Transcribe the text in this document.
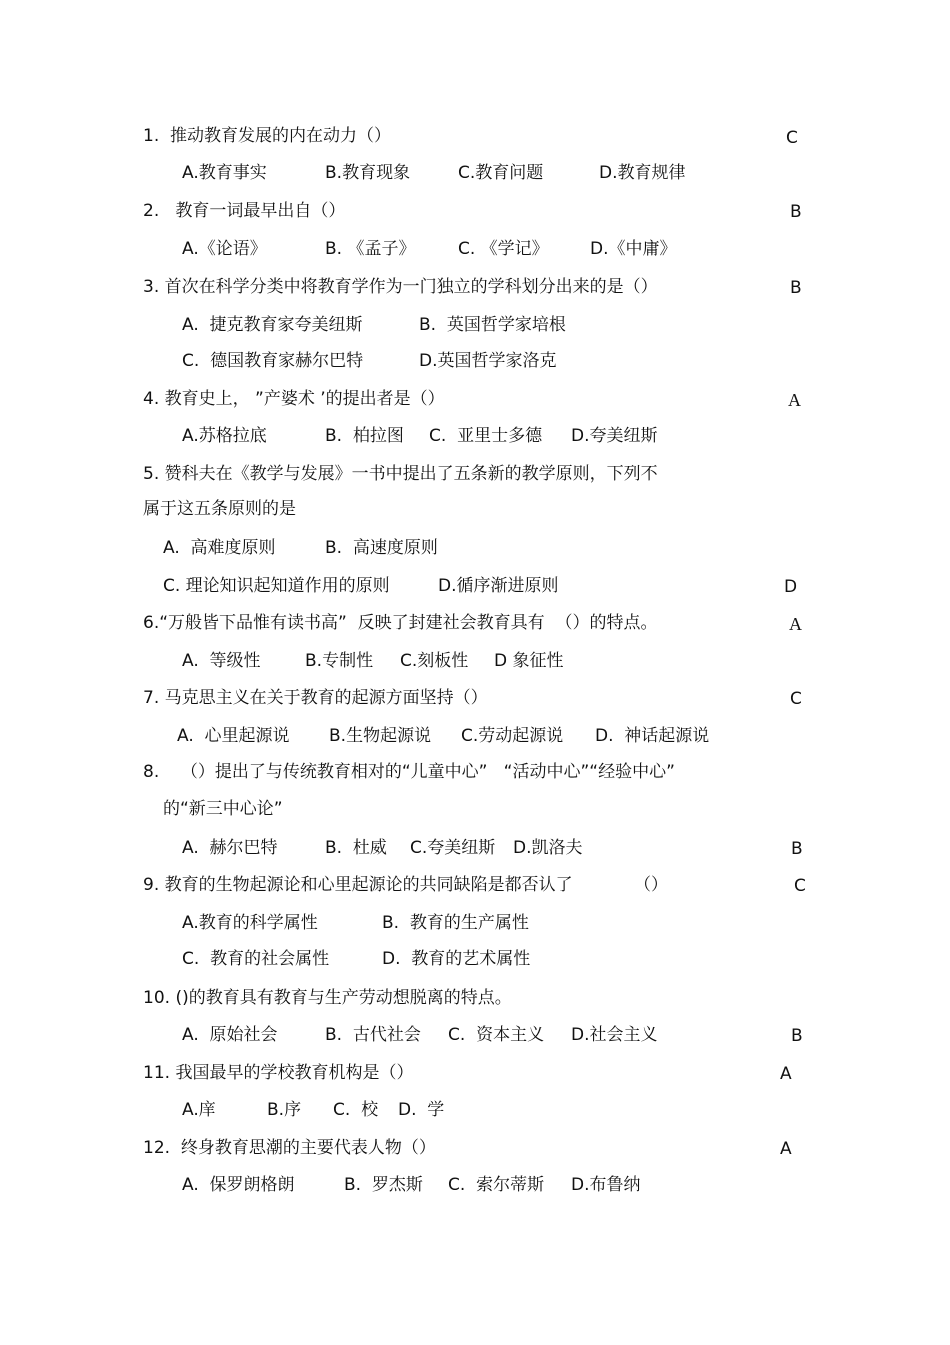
1.  推动教育发展的内在动力（）	C
A.教育事实	B.教育现象	C.教育问题	D.教育规律
2.   教育一词最早出自（）	B
A.《论语》	B. 《孟子》	C. 《学记》 D.《中庸》
3. 首次在科学分类中将教育学作为一门独立的学科划分出来的是（）	B
A.  捷克教育家夸美纽斯	B.  英国哲学家培根
C.  德国教育家赫尔巴特	D.英国哲学家洛克
4. 教育史上， ”产婆术 ’的提出者是（）	A
A.苏格拉底	B.  柏拉图 C.  亚里士多德 D.夸美纽斯
5. 赞科夫在《教学与发展》一书中提出了五条新的教学原则，下列不
属于这五条原则的是
A.  高难度原则	B.  高速度原则
C. 理论知识起知道作用的原则	D.循序渐进原则	D
6.“万般皆下品惟有读书高”  反映了封建社会教育具有  （）的特点。	A
A.  等级性	B.专制性 C.刻板性 D 象征性
7. 马克思主义在关于教育的起源方面坚持（）	C
A.  心里起源说 B.生物起源说 C.劳动起源说 D.  神话起源说
8.    （）提出了与传统教育相对的“儿童中心”   “活动中心”“经验中心”
的“新三中心论”
A.  赫尔巴特	B.  杜威 C.夸美纽斯 D.凯洛夫	B
9. 教育的生物起源论和心里起源论的共同缺陷是都否认了	（）	C
A.教育的科学属性	B.  教育的生产属性
C.  教育的社会属性	D.  教育的艺术属性
10. ()的教育具有教育与生产劳动想脱离的特点。
A.  原始社会	B.  古代社会 C.  资本主义 D.社会主义	B
11. 我国最早的学校教育机构是（）	A
A.庠	B.序 C.  校 D.  学
12.  终身教育思潮的主要代表人物（）	A
A.  保罗朗格朗	B.  罗杰斯 C.  索尔蒂斯 D.布鲁纳
